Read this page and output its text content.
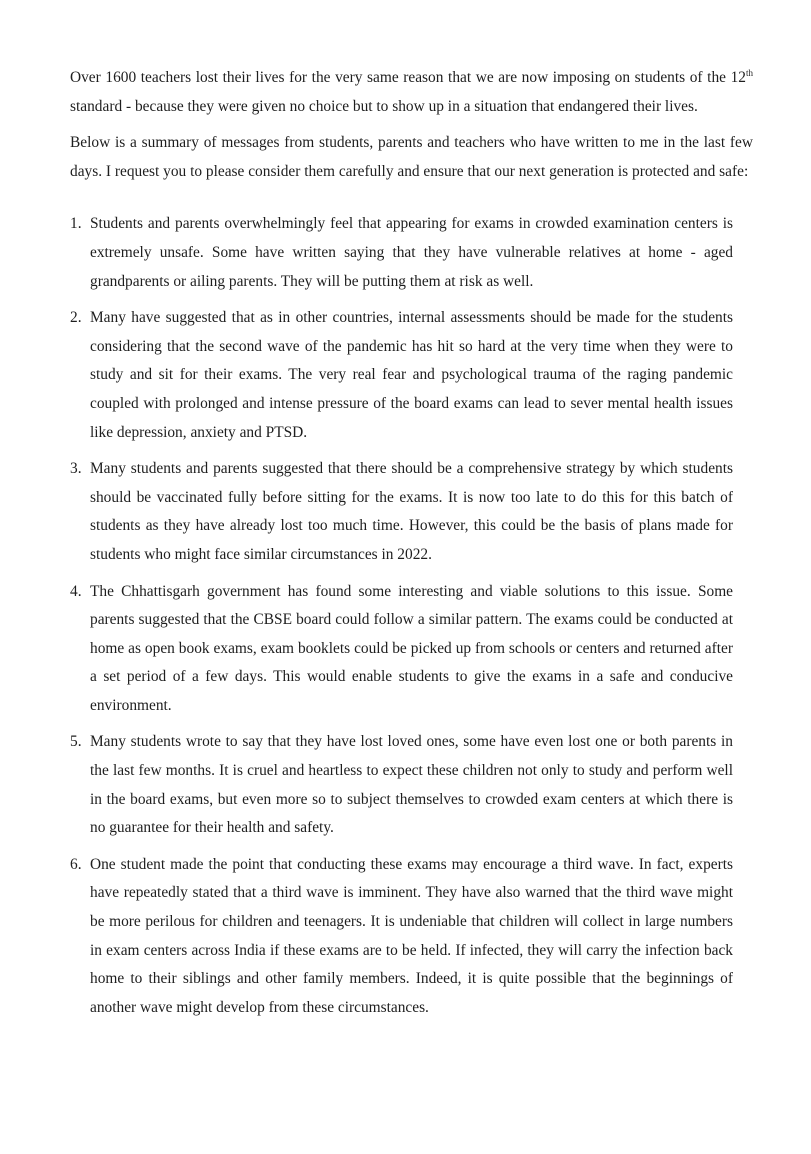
Over 1600 teachers lost their lives for the very same reason that we are now imposing on students of the 12th standard - because they were given no choice but to show up in a situation that endangered their lives.

Below is a summary of messages from students, parents and teachers who have written to me in the last few days. I request you to please consider them carefully and ensure that our next generation is protected and safe:

1. Students and parents overwhelmingly feel that appearing for exams in crowded examination centers is extremely unsafe. Some have written saying that they have vulnerable relatives at home - aged grandparents or ailing parents. They will be putting them at risk as well.
2. Many have suggested that as in other countries, internal assessments should be made for the students considering that the second wave of the pandemic has hit so hard at the very time when they were to study and sit for their exams. The very real fear and psychological trauma of the raging pandemic coupled with prolonged and intense pressure of the board exams can lead to sever mental health issues like depression, anxiety and PTSD.
3. Many students and parents suggested that there should be a comprehensive strategy by which students should be vaccinated fully before sitting for the exams. It is now too late to do this for this batch of students as they have already lost too much time. However, this could be the basis of plans made for students who might face similar circumstances in 2022.
4. The Chhattisgarh government has found some interesting and viable solutions to this issue. Some parents suggested that the CBSE board could follow a similar pattern. The exams could be conducted at home as open book exams, exam booklets could be picked up from schools or centers and returned after a set period of a few days. This would enable students to give the exams in a safe and conducive environment.
5. Many students wrote to say that they have lost loved ones, some have even lost one or both parents in the last few months. It is cruel and heartless to expect these children not only to study and perform well in the board exams, but even more so to subject themselves to crowded exam centers at which there is no guarantee for their health and safety.
6. One student made the point that conducting these exams may encourage a third wave. In fact, experts have repeatedly stated that a third wave is imminent. They have also warned that the third wave might be more perilous for children and teenagers. It is undeniable that children will collect in large numbers in exam centers across India if these exams are to be held. If infected, they will carry the infection back home to their siblings and other family members. Indeed, it is quite possible that the beginnings of another wave might develop from these circumstances.
